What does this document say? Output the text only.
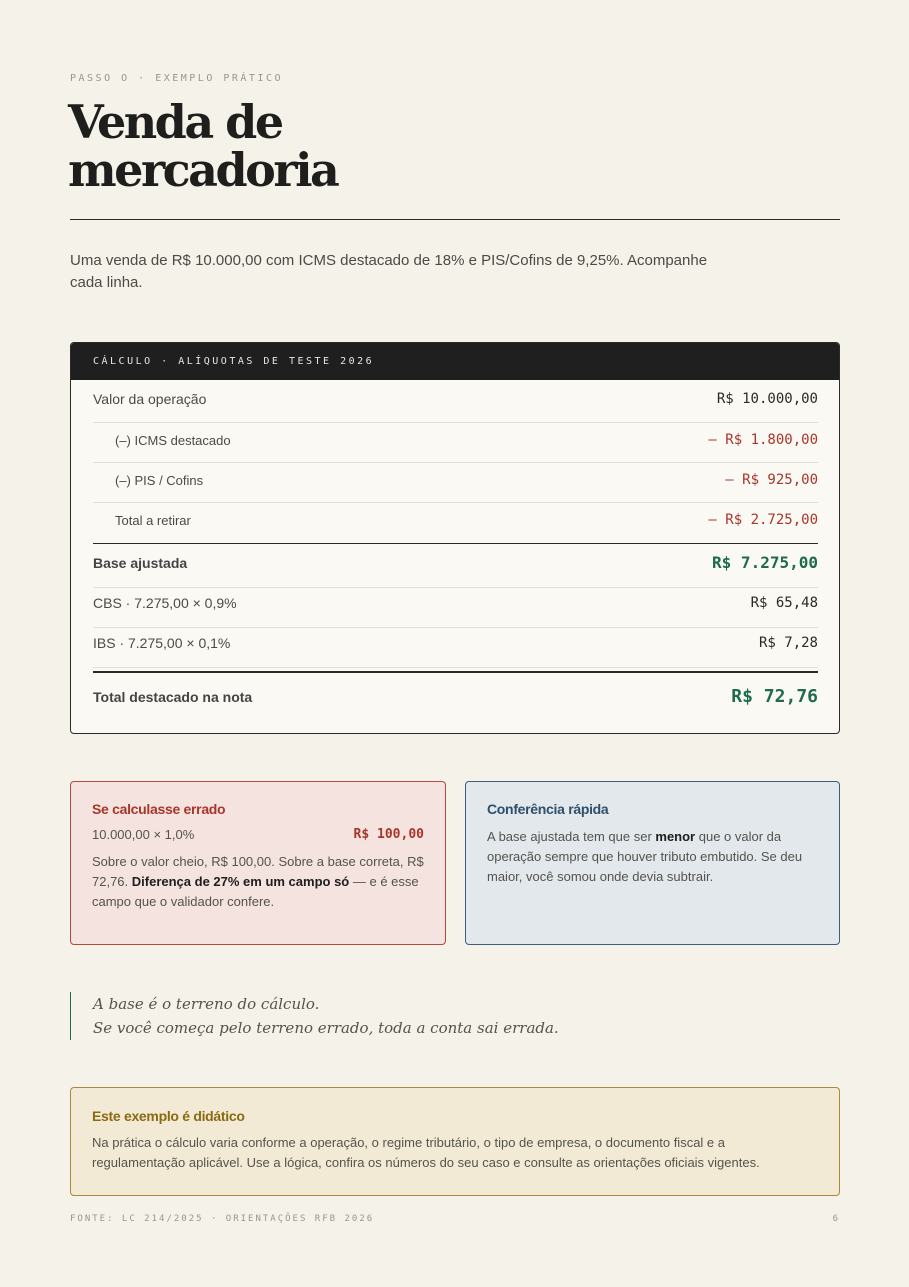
PASSO O · EXEMPLO PRÁTICO
Venda de
mercadoria

Uma venda de R$ 10.000,00 com ICMS destacado de 18% e PIS/Cofins de 9,25%. Acompanhe cada linha.

CÁLCULO · ALÍQUOTAS DE TESTE 2026
Valor da operação	R$ 10.000,00
(–) ICMS destacado	– R$ 1.800,00
(–) PIS / Cofins	– R$ 925,00
Total a retirar	– R$ 2.725,00
Base ajustada	R$ 7.275,00
CBS · 7.275,00 × 0,9%	R$ 65,48
IBS · 7.275,00 × 0,1%	R$ 7,28
Total destacado na nota	R$ 72,76
Se calculasse errado
10.000,00 × 1,0%	R$ 100,00

Sobre o valor cheio, R$ 100,00. Sobre a base correta, R$ 72,76. Diferença de 27% em um campo só — e é esse campo que o validador confere.

Conferência rápida

A base ajustada tem que ser menor que o valor da operação sempre que houver tributo embutido. Se deu maior, você somou onde devia subtrair.

A base é o terreno do cálculo.
Se você começa pelo terreno errado, toda a conta sai errada.
Este exemplo é didático

Na prática o cálculo varia conforme a operação, o regime tributário, o tipo de empresa, o documento fiscal e a regulamentação aplicável. Use a lógica, confira os números do seu caso e consulte as orientações oficiais vigentes.

FONTE: LC 214/2025 · ORIENTAÇÕES RFB 2026	6
